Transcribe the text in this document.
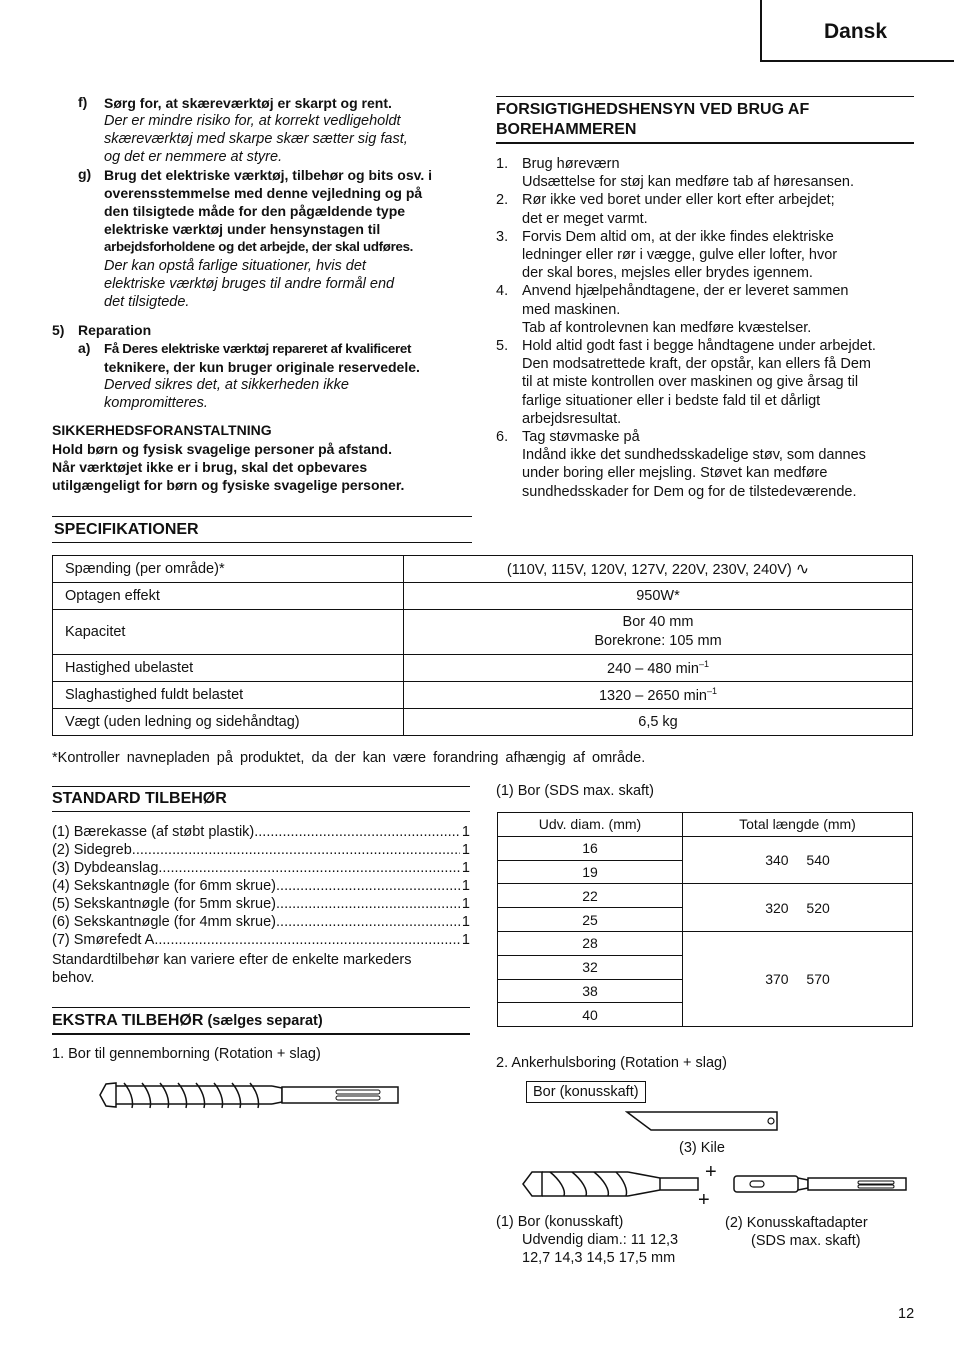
Dansk
f) Sørg for, at skæreværktøj er skarpt og rent.
Der er mindre risiko for, at korrekt vedligeholdt
skæreværktøj med skarpe skær sætter sig fast,
og det er nemmere at styre.
g) Brug det elektriske værktøj, tilbehør og bits osv. i
overensstemmelse med denne vejledning og på
den tilsigtede måde for den pågældende type
elektriske værktøj under hensynstagen til
arbejdsforholdene og det arbejde, der skal udføres.
Der kan opstå farlige situationer, hvis det
elektriske værktøj bruges til andre formål end
det tilsigtede.
5) Reparation
a) Få Deres elektriske værktøj repareret af kvalificeret
teknikere, der kun bruger originale reservedele.
Derved sikres det, at sikkerheden ikke
kompromitteres.
SIKKERHEDSFORANSTALTNING
Hold børn og fysisk svagelige personer på afstand.
Når værktøjet ikke er i brug, skal det opbevares
utilgængeligt for børn og fysiske svagelige personer.
FORSIGTIGHEDSHENSYN VED BRUG AF
BOREHAMMEREN
1. Brug høreværn
Udsættelse for støj kan medføre tab af høresansen.
2. Rør ikke ved boret under eller kort efter arbejdet;
det er meget varmt.
3. Forvis Dem altid om, at der ikke findes elektriske
ledninger eller rør i vægge, gulve eller lofter, hvor
der skal bores, mejsles eller brydes igennem.
4. Anvend hjælpehåndtagene, der er leveret sammen
med maskinen.
Tab af kontrolevnen kan medføre kvæstelser.
5. Hold altid godt fast i begge håndtagene under arbejdet.
Den modsatrettede kraft, der opstår, kan ellers få Dem
til at miste kontrollen over maskinen og give årsag til
farlige situationer eller i bedste fald til et dårligt
arbejdsresultat.
6. Tag støvmaske på
Indånd ikke det sundhedsskadelige støv, som dannes
under boring eller mejsling. Støvet kan medføre
sundhedsskader for Dem og for de tilstedeværende.
SPECIFIKATIONER
Spænding (per område)*	(110V, 115V, 120V, 127V, 220V, 230V, 240V) ∿
Optagen effekt	950W*
Kapacitet	Bor 40 mm
Borekrone: 105 mm

Hastighed ubelastet	240 – 480 $\min^{-1}$
Slaghastighed fuldt belastet	1320 – 2650 $\min^{-1}$
Vægt (uden ledning og sidehåndtag)	6,5 kg
*Kontroller navnepladen på produktet, da der kan være forandring afhængig af område.
STANDARD TILBEHØR
(1) Bærekasse (af støbt plastik) .....	1
(2) Sidegreb .....	1
(3) Dybdeanslag .....	1
(4) Sekskantnøgle (for 6mm skrue) .....	1
(5) Sekskantnøgle (for 5mm skrue) .....	1
(6) Sekskantnøgle (for 4mm skrue) .....	1
(7) Smørefedt A .....	1
Standardtilbehør kan variere efter de enkelte markeders
behov.
EKSTRA TILBEHØR (sælges separat)
1. Bor til gennemborning (Rotation + slag)
(1) Bor (SDS max. skaft)
Udv. diam. (mm)	Total længde (mm)
16	340 540
19	
22	320 520
25	
28	370 570
32	
38	
40	
2. Ankerhulsboring (Rotation + slag)
Bor (konusskaft)
(3) Kile
+
+
(1) Bor (konusskaft)
Udvendig diam.: 11 12,3
12,7 14,3 14,5 17,5 mm
(2) Konusskaftadapter
(SDS max. skaft)
12
